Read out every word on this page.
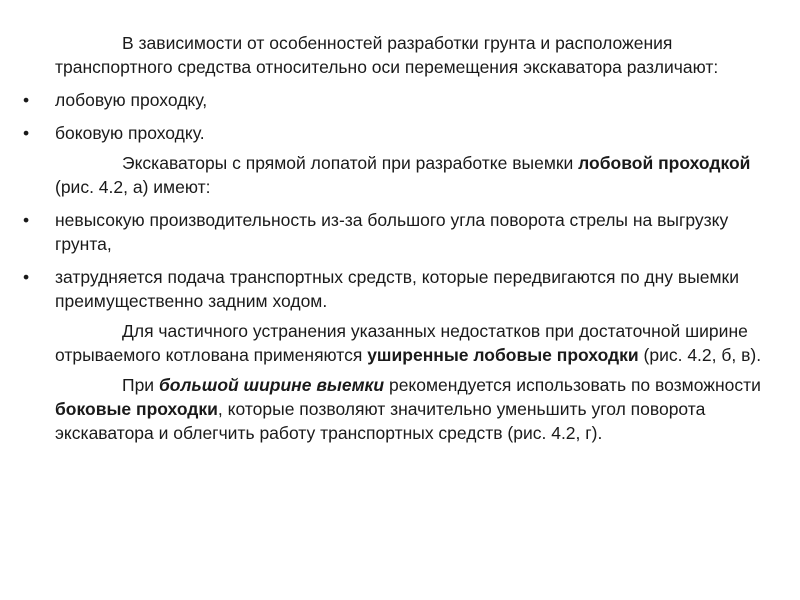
В зависимости от особенностей разработки грунта и расположения транспортного средства относительно оси перемещения экскаватора различают:

• лобовую проходку,

• боковую проходку.

Экскаваторы с прямой лопатой при разработке выемки лобовой проходкой (рис. 4.2, а) имеют:

• невысокую производительность из-за большого угла поворота стрелы на выгрузку грунта,

• затрудняется подача транспортных средств, которые передвигаются по дну выемки преимущественно задним ходом.

Для частичного устранения указанных недостатков при достаточной ширине отрываемого котлована применяются уширенные лобовые проходки (рис. 4.2, б, в).

При большой ширине выемки рекомендуется использовать по возможности боковые проходки, которые позволяют значительно уменьшить угол поворота экскаватора и облегчить работу транспортных средств (рис. 4.2, г).
